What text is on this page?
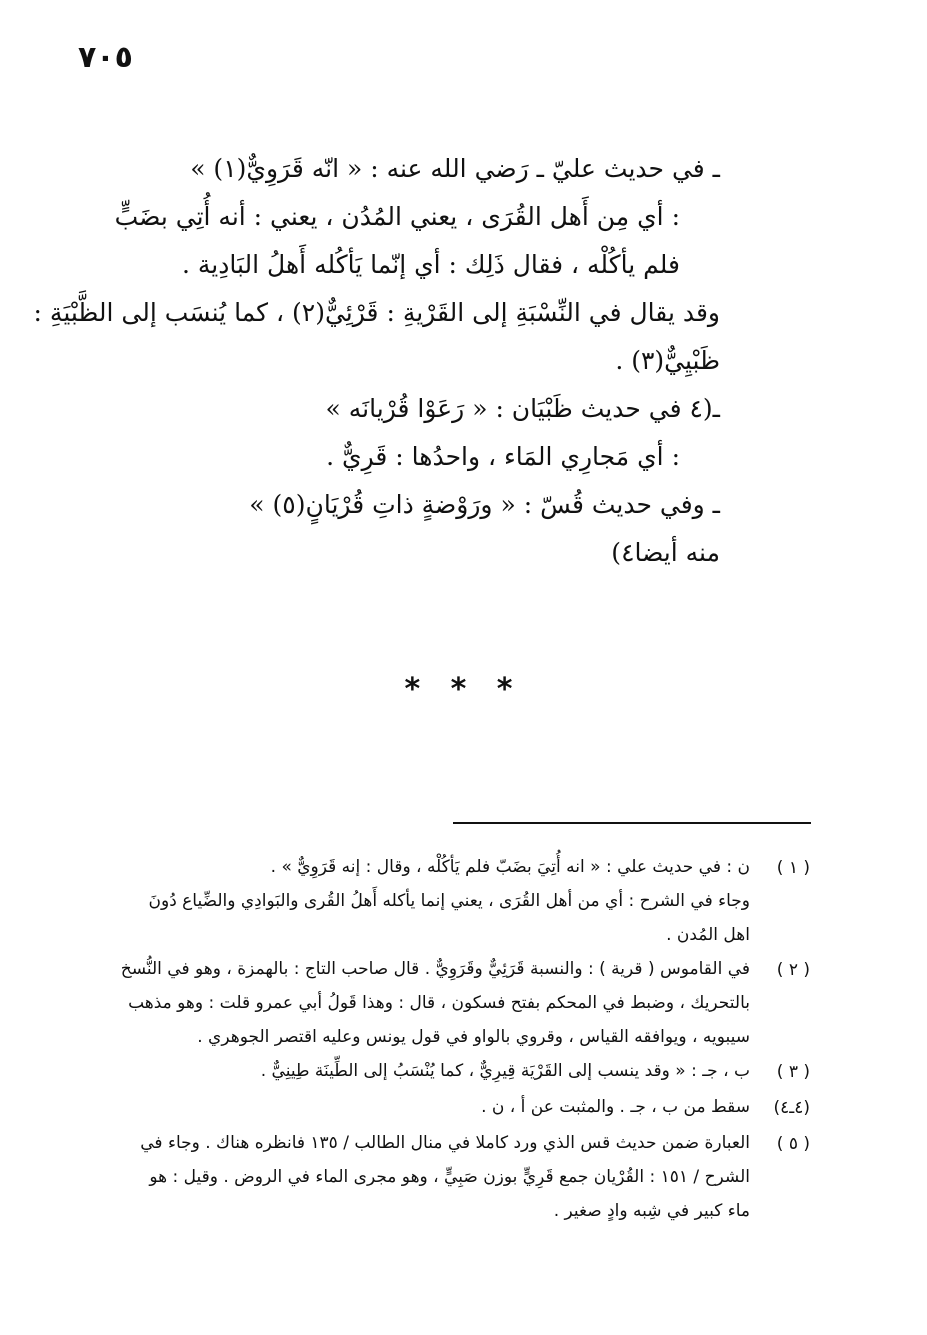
٧٠٥
ـ في حديث عليّ ـ رَضي الله عنه : « انّه قَرَوِيٌّ(١) »
: أي مِن أَهل القُرَى ، يعني المُدُن ، يعني : أنه أُتِي بضَبٍّ
فلم يأكُلْه ، فقال ذَلِك : أي إنّما يَأكُله أَهلُ البَادِية .
وقد يقال في النِّسْبَةِ إلى القَرْيةِ : قَرْئِيٌّ(٢) ، كما يُنسَب إلى الظَّبْيَةِ :
ظَبْيِيٌّ(٣) .
ـ(٤ في حديث ظَبْيَان : « رَعَوْا قُرْيانَه »
: أي مَجارِي المَاء ، واحدُها : قَرِيٌّ .
ـ وفي حديث قُسّ : « ورَوْضةٍ ذاتِ قُرْيَانٍ(٥) »
منه أيضا٤)
* * *
( ١ )
ن : في حديث علي : « انه أُتِيَ بضَبّ فلم يَأكُلْه ، وقال : إنه قَرَوِيٌّ » .
وجاء في الشرح : أي من أهل القُرَى ، يعني إنما يأكله أَهلُ القُرى والبَوادِي والضِّياع دُونَ
اهل المُدن .
( ٢ )
في القاموس ( قرية ) : والنسبة قَرَئِيٌّ وقَرَوِيٌّ . قال صاحب التاج : بالهمزة ، وهو في النُّسخ
بالتحريك ، وضبط في المحكم بفتح فسكون ، قال : وهذا قَولُ أبي عمرو قلت : وهو مذهب
سيبويه ، ويوافقه القياس ، وقروي بالواو في قول يونس وعليه اقتصر الجوهري .
( ٣ )
ب ، جـ : « وقد ينسب إلى القَرْيَة قِيرِيٌّ ، كما يُنْسَبُ إلى الطِّينَة طِينِيٌّ .
(٤ـ٤)
سقط من ب ، جـ . والمثبت عن أ ، ن .
( ٥ )
العبارة ضمن حديث قس الذي ورد كاملا في منال الطالب / ١٣٥ فانظره هناك . وجاء في
الشرح / ١٥١ : القُرْيان جمع قَرِيٍّ بوزن صَبِيٍّ ، وهو مجرى الماء في الروض . وقيل : هو
ماء كبير في شِبه وادٍ صغير .
